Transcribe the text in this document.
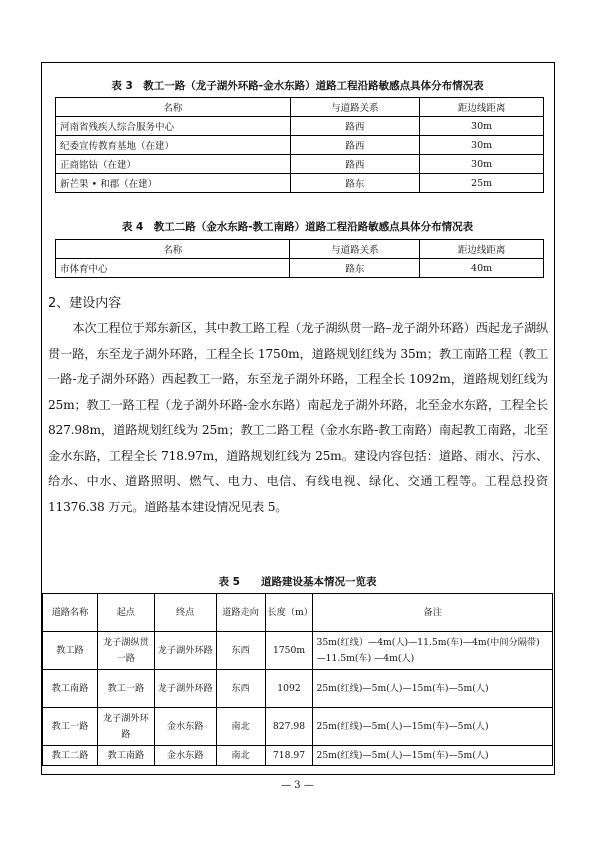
表 3　教工一路（龙子湖外环路-金水东路）道路工程沿路敏感点具体分布情况表
名称	与道路关系	距边线距离
河南省残疾人综合服务中心	路西	30m
纪委宣传教育基地（在建）	路西	30m
正商铭钻（在建）	路西	30m
新芒果 • 和郡（在建）	路东	25m
表 4　教工二路（金水东路-教工南路）道路工程沿路敏感点具体分布情况表
名称	与道路关系	距边线距离
市体育中心	路东	40m
2、建设内容

本次工程位于郑东新区，其中教工路工程（龙子湖纵贯一路–龙子湖外环路）西起龙子湖纵贯一路，东至龙子湖外环路，工程全长 1750m，道路规划红线为 35m；教工南路工程（教工一路-龙子湖外环路）西起教工一路，东至龙子湖外环路，工程全长 1092m，道路规划红线为 25m；教工一路工程（龙子湖外环路-金水东路）南起龙子湖外环路，北至金水东路，工程全长 827.98m，道路规划红线为 25m；教工二路工程（金水东路-教工南路）南起教工南路，北至金水东路，工程全长 718.97m，道路规划红线为 25m。建设内容包括：道路、雨水、污水、给水、中水、道路照明、燃气、电力、电信、有线电视、绿化、交通工程等。工程总投资 11376.38 万元。道路基本建设情况见表 5。

表 5　　道路建设基本情况一览表
道路名称	起点	终点	道路走向	长度（m）	备注
教工路	龙子湖纵贯一路	龙子湖外环路	东西	1750m	35m(红线）—4m(人)—11.5m(车)—4m(中间分隔带) —11.5m(车) —4m(人)
教工南路	教工一路	龙子湖外环路	东西	1092	25m(红线)—5m(人)—15m(车)—5m(人)
教工一路	龙子湖外环路	金水东路	南北	827.98	25m(红线)—5m(人)—15m(车)—5m(人)
教工二路	教工南路	金水东路	南北	718.97	25m(红线)—5m(人)—15m(车)—5m(人)
— 3 —
